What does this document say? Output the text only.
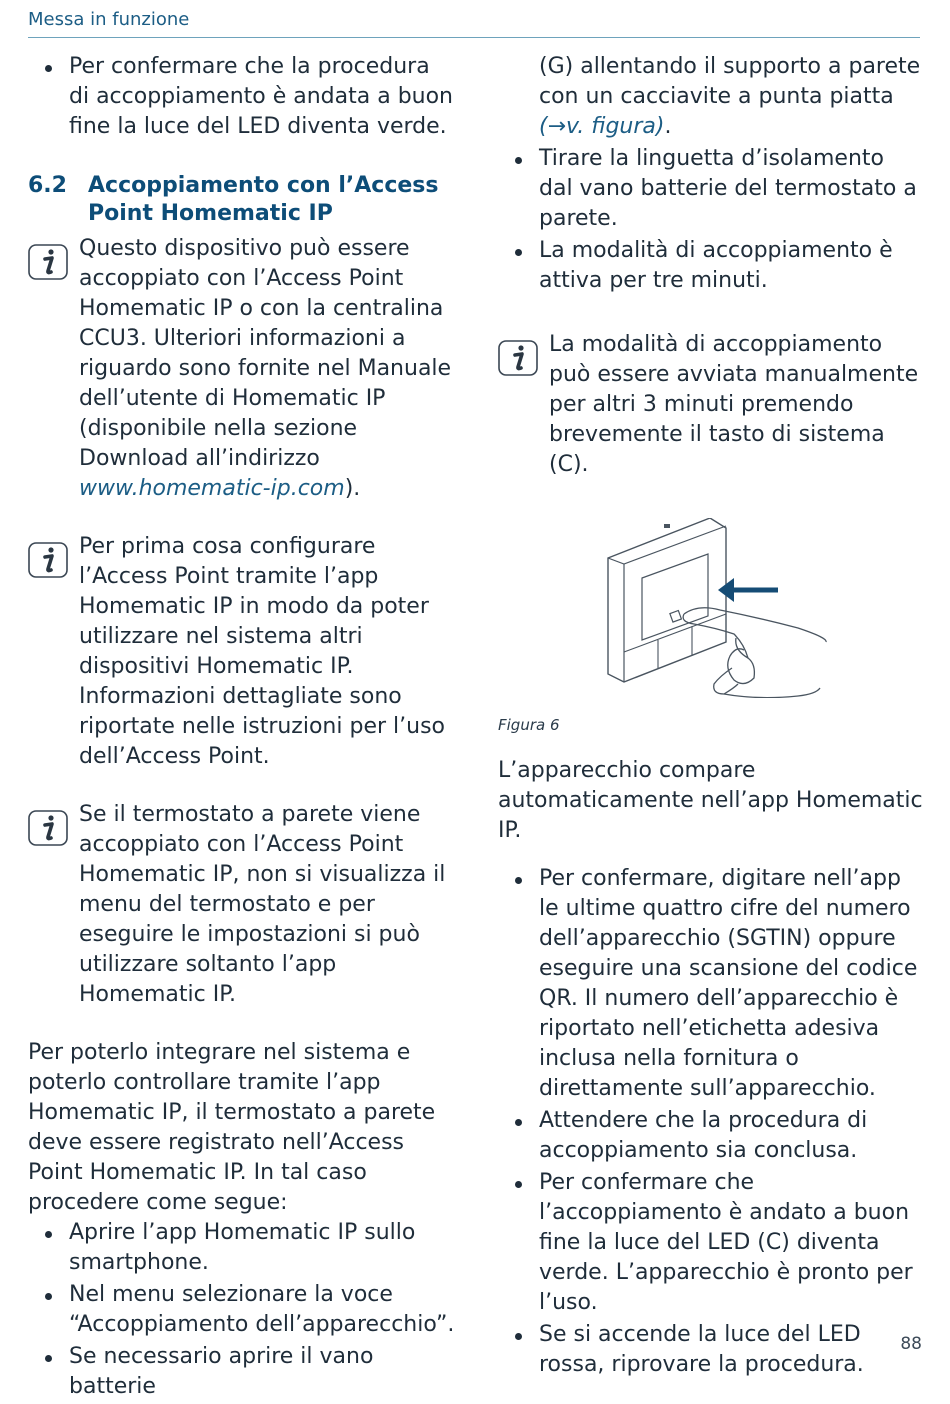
Messa in funzione
Per confermare che la procedura di accoppiamento è andata a buon fine la luce del LED diventa verde.
6.2 Accoppiamento con l’Access Point Homematic IP
Questo dispositivo può essere accoppiato con l’Access Point Homematic IP o con la centralina CCU3. Ulteriori informazioni a riguardo sono fornite nel Manuale dell’utente di Homematic IP (disponibile nella sezione Download all’indirizzo www.homematic-ip.com).
Per prima cosa configurare l’Access Point tramite l’app Homematic IP in modo da poter utilizzare nel sistema altri dispositivi Homematic IP. Informazioni dettagliate sono riportate nelle istruzioni per l’uso dell’Access Point.
Se il termostato a parete viene accoppiato con l’Access Point Homematic IP, non si visualizza il menu del termostato e per eseguire le impostazioni si può utilizzare soltanto l’app Homematic IP.

Per poterlo integrare nel sistema e poterlo controllare tramite l’app Homematic IP, il termostato a parete deve essere registrato nell’Access Point Homematic IP. In tal caso procedere come segue:

Aprire l’app Homematic IP sullo smartphone.
Nel menu selezionare la voce “Accoppiamento dell’apparecchio”.
Se necessario aprire il vano batterie

(G) allentando il supporto a parete con un cacciavite a punta piatta (→v. figura).

Tirare la linguetta d’isolamento dal vano batterie del termostato a parete.
La modalità di accoppiamento è attiva per tre minuti.
La modalità di accoppiamento può essere avviata manualmente per altri 3 minuti premendo brevemente il tasto di sistema (C).
Figura 6

L’apparecchio compare automaticamente nell’app Homematic IP.

Per confermare, digitare nell’app le ultime quattro cifre del numero dell’apparecchio (SGTIN) oppure eseguire una scansione del codice QR. Il numero dell’apparecchio è riportato nell’etichetta adesiva inclusa nella fornitura o direttamente sull’apparecchio.
Attendere che la procedura di accoppiamento sia conclusa.
Per confermare che l’accoppiamento è andato a buon fine la luce del LED (C) diventa verde. L’apparecchio è pronto per l’uso.
Se si accende la luce del LED rossa, riprovare la procedura.
88
